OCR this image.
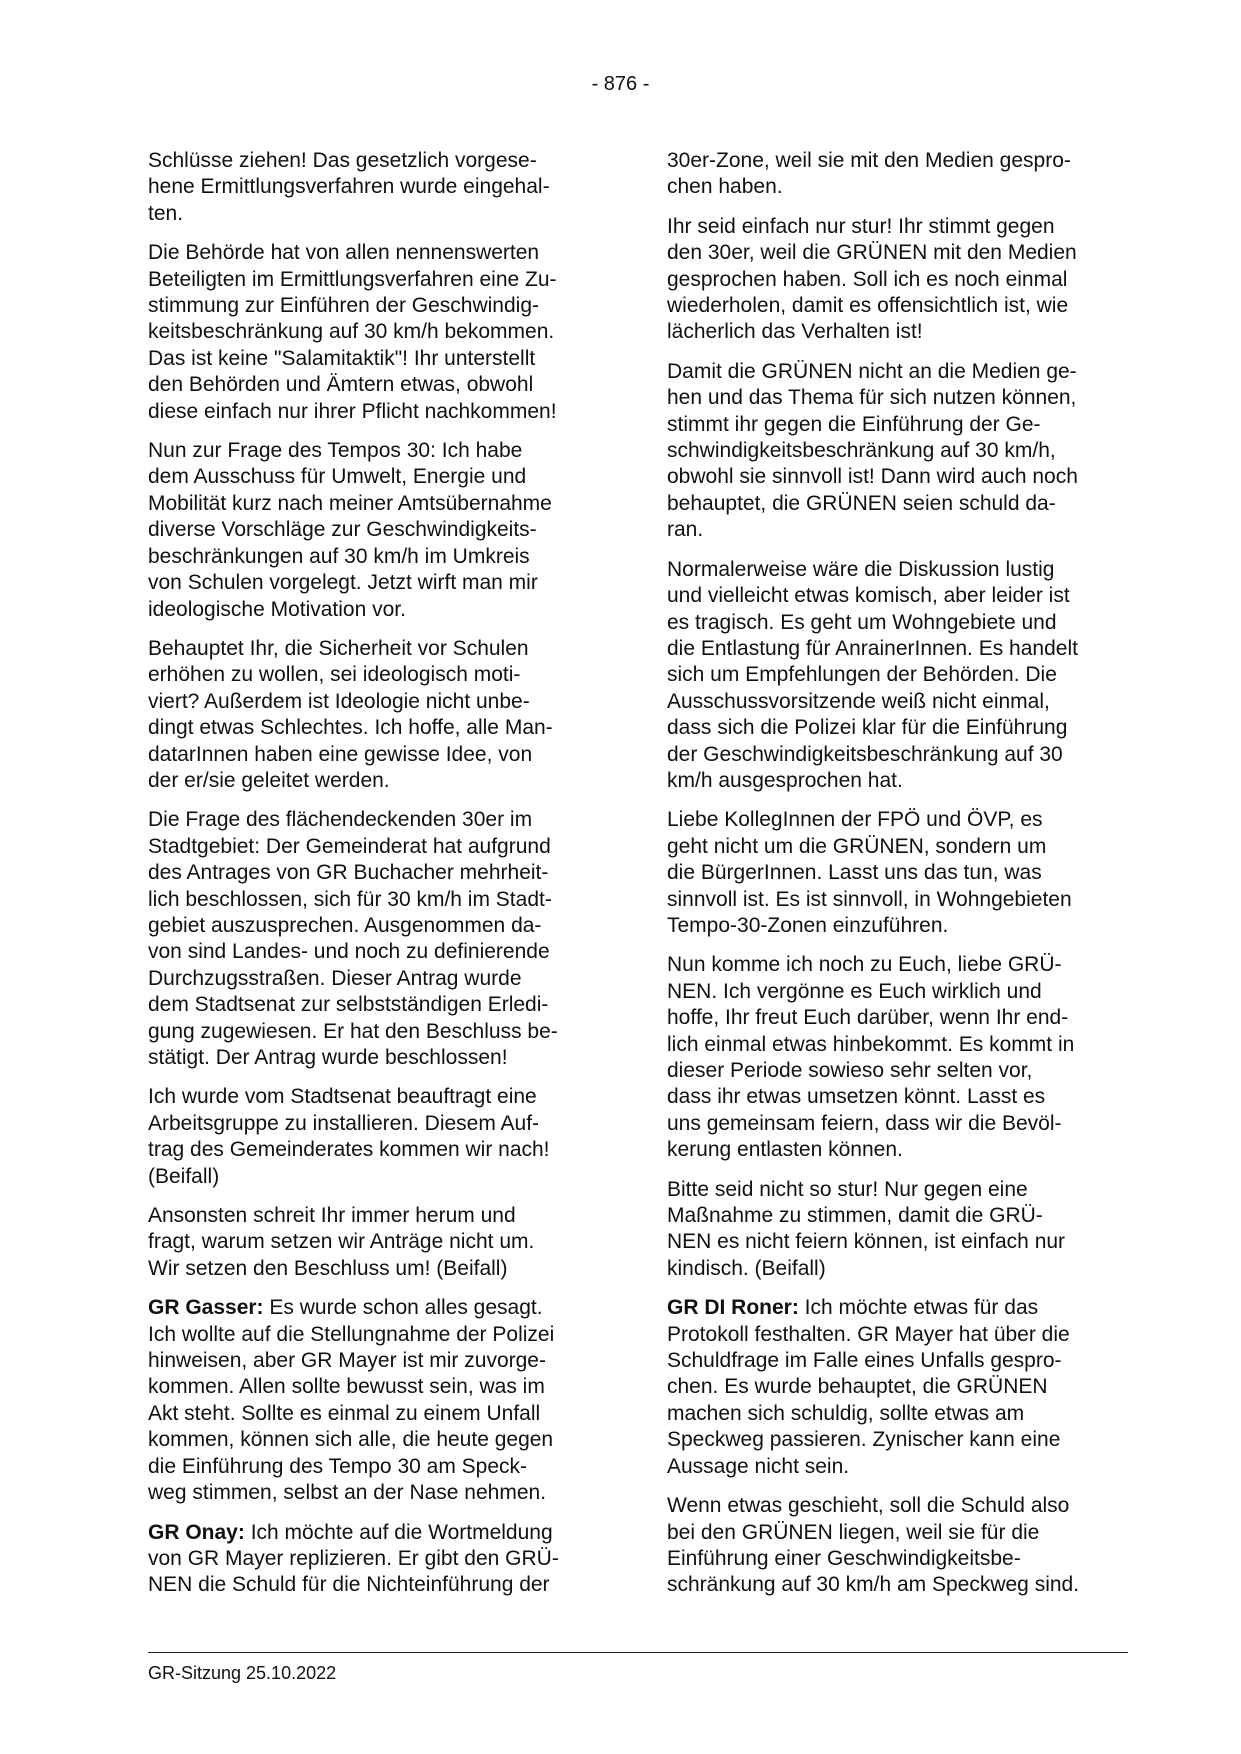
- 876 -

Schlüsse ziehen! Das gesetzlich vorgese-
hene Ermittlungsverfahren wurde eingehal-
ten.

Die Behörde hat von allen nennenswerten
Beteiligten im Ermittlungsverfahren eine Zu-
stimmung zur Einführen der Geschwindig-
keitsbeschränkung auf 30 km/h bekommen.
Das ist keine "Salamitaktik"! Ihr unterstellt
den Behörden und Ämtern etwas, obwohl
diese einfach nur ihrer Pflicht nachkommen!

Nun zur Frage des Tempos 30: Ich habe
dem Ausschuss für Umwelt, Energie und
Mobilität kurz nach meiner Amtsübernahme
diverse Vorschläge zur Geschwindigkeits-
beschränkungen auf 30 km/h im Umkreis
von Schulen vorgelegt. Jetzt wirft man mir
ideologische Motivation vor.

Behauptet Ihr, die Sicherheit vor Schulen
erhöhen zu wollen, sei ideologisch moti-
viert? Außerdem ist Ideologie nicht unbe-
dingt etwas Schlechtes. Ich hoffe, alle Man-
datarInnen haben eine gewisse Idee, von
der er/sie geleitet werden.

Die Frage des flächendeckenden 30er im
Stadtgebiet: Der Gemeinderat hat aufgrund
des Antrages von GR Buchacher mehrheit-
lich beschlossen, sich für 30 km/h im Stadt-
gebiet auszusprechen. Ausgenommen da-
von sind Landes- und noch zu definierende
Durchzugsstraßen. Dieser Antrag wurde
dem Stadtsenat zur selbstständigen Erledi-
gung zugewiesen. Er hat den Beschluss be-
stätigt. Der Antrag wurde beschlossen!

Ich wurde vom Stadtsenat beauftragt eine
Arbeitsgruppe zu installieren. Diesem Auf-
trag des Gemeinderates kommen wir nach!
(Beifall)

Ansonsten schreit Ihr immer herum und
fragt, warum setzen wir Anträge nicht um.
Wir setzen den Beschluss um! (Beifall)

GR Gasser: Es wurde schon alles gesagt.
Ich wollte auf die Stellungnahme der Polizei
hinweisen, aber GR Mayer ist mir zuvorge-
kommen. Allen sollte bewusst sein, was im
Akt steht. Sollte es einmal zu einem Unfall
kommen, können sich alle, die heute gegen
die Einführung des Tempo 30 am Speck-
weg stimmen, selbst an der Nase nehmen.

GR Onay: Ich möchte auf die Wortmeldung
von GR Mayer replizieren. Er gibt den GRÜ-
NEN die Schuld für die Nichteinführung der

30er-Zone, weil sie mit den Medien gespro-
chen haben.

Ihr seid einfach nur stur! Ihr stimmt gegen
den 30er, weil die GRÜNEN mit den Medien
gesprochen haben. Soll ich es noch einmal
wiederholen, damit es offensichtlich ist, wie
lächerlich das Verhalten ist!

Damit die GRÜNEN nicht an die Medien ge-
hen und das Thema für sich nutzen können,
stimmt ihr gegen die Einführung der Ge-
schwindigkeitsbeschränkung auf 30 km/h,
obwohl sie sinnvoll ist! Dann wird auch noch
behauptet, die GRÜNEN seien schuld da-
ran.

Normalerweise wäre die Diskussion lustig
und vielleicht etwas komisch, aber leider ist
es tragisch. Es geht um Wohngebiete und
die Entlastung für AnrainerInnen. Es handelt
sich um Empfehlungen der Behörden. Die
Ausschussvorsitzende weiß nicht einmal,
dass sich die Polizei klar für die Einführung
der Geschwindigkeitsbeschränkung auf 30
km/h ausgesprochen hat.

Liebe KollegInnen der FPÖ und ÖVP, es
geht nicht um die GRÜNEN, sondern um
die BürgerInnen. Lasst uns das tun, was
sinnvoll ist. Es ist sinnvoll, in Wohngebieten
Tempo-30-Zonen einzuführen.

Nun komme ich noch zu Euch, liebe GRÜ-
NEN. Ich vergönne es Euch wirklich und
hoffe, Ihr freut Euch darüber, wenn Ihr end-
lich einmal etwas hinbekommt. Es kommt in
dieser Periode sowieso sehr selten vor,
dass ihr etwas umsetzen könnt. Lasst es
uns gemeinsam feiern, dass wir die Bevöl-
kerung entlasten können.

Bitte seid nicht so stur! Nur gegen eine
Maßnahme zu stimmen, damit die GRÜ-
NEN es nicht feiern können, ist einfach nur
kindisch. (Beifall)

GR DI Roner: Ich möchte etwas für das
Protokoll festhalten. GR Mayer hat über die
Schuldfrage im Falle eines Unfalls gespro-
chen. Es wurde behauptet, die GRÜNEN
machen sich schuldig, sollte etwas am
Speckweg passieren. Zynischer kann eine
Aussage nicht sein.

Wenn etwas geschieht, soll die Schuld also
bei den GRÜNEN liegen, weil sie für die
Einführung einer Geschwindigkeitsbe-
schränkung auf 30 km/h am Speckweg sind.

GR-Sitzung 25.10.2022
